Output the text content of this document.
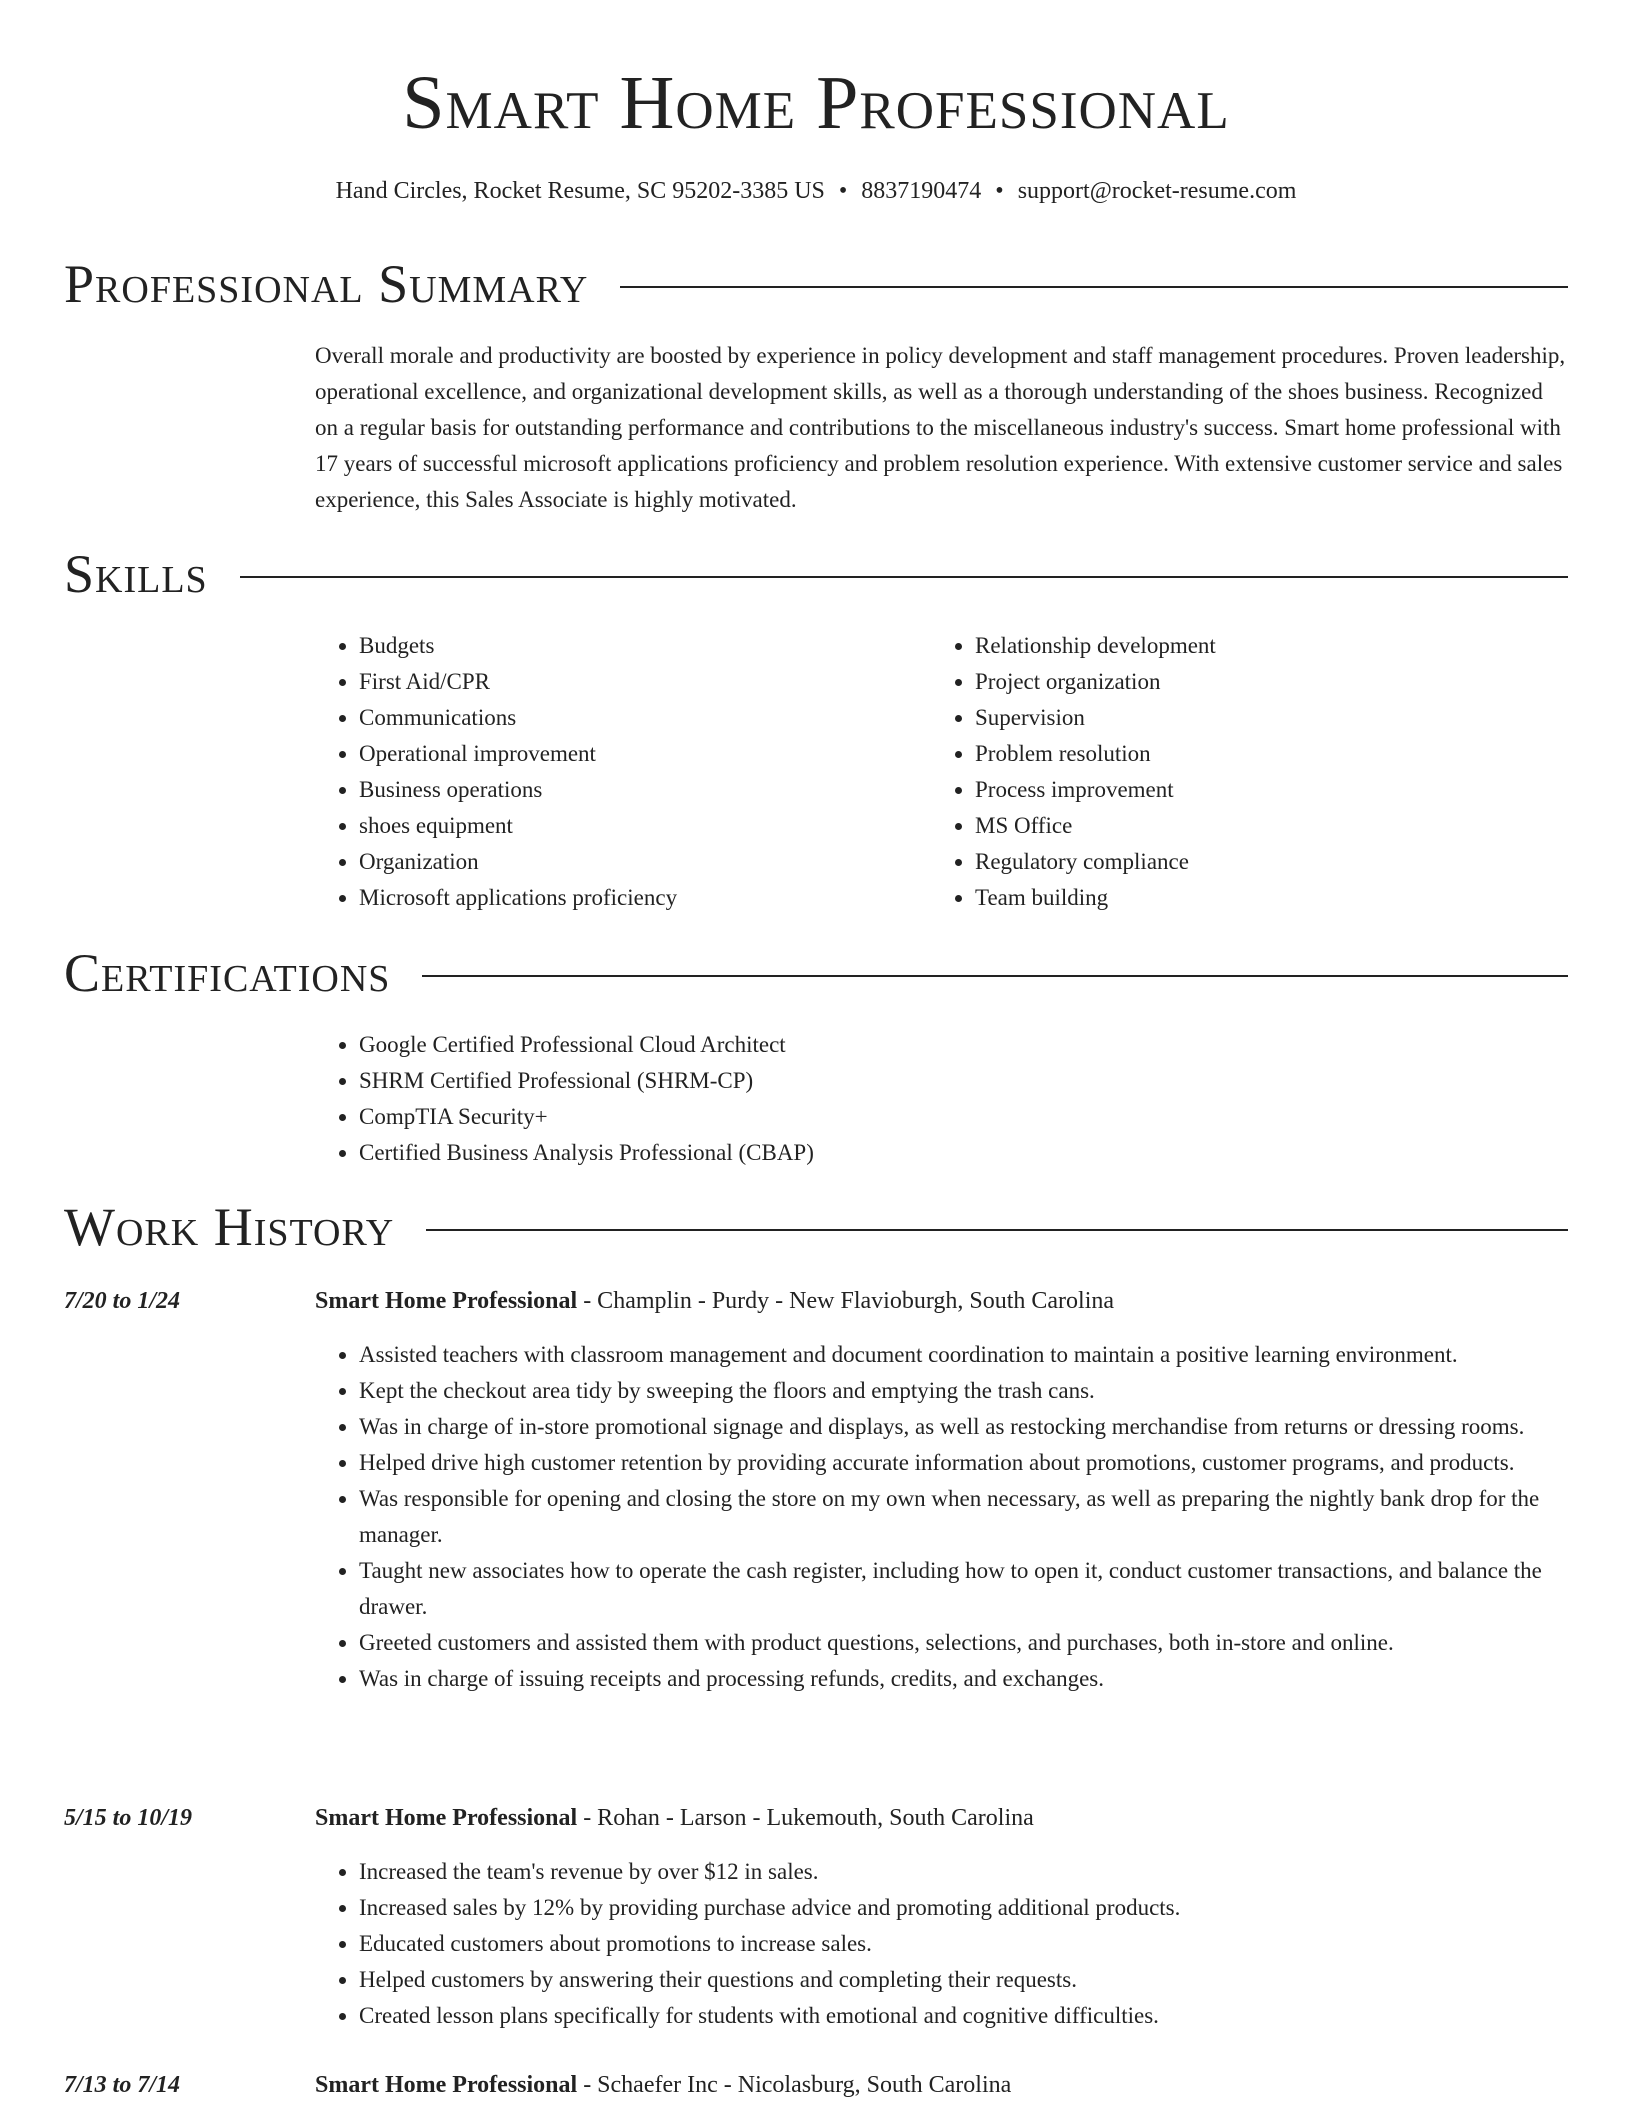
Smart Home Professional
Hand Circles, Rocket Resume, SC 95202-3385 US • 8837190474 • support@rocket-resume.com
Professional Summary

Overall morale and productivity are boosted by experience in policy development and staff management procedures. Proven leadership, operational excellence, and organizational development skills, as well as a thorough understanding of the shoes business. Recognized on a regular basis for outstanding performance and contributions to the miscellaneous industry's success. Smart home professional with 17 years of successful microsoft applications proficiency and problem resolution experience. With extensive customer service and sales experience, this Sales Associate is highly motivated.

Skills
• Budgets
• First Aid/CPR
• Communications
• Operational improvement
• Business operations
• shoes equipment
• Organization
• Microsoft applications proficiency
• Relationship development
• Project organization
• Supervision
• Problem resolution
• Process improvement
• MS Office
• Regulatory compliance
• Team building
Certifications
• Google Certified Professional Cloud Architect
• SHRM Certified Professional (SHRM-CP)
• CompTIA Security+
• Certified Business Analysis Professional (CBAP)
Work History
7/20 to 1/24	Smart Home Professional - Champlin - Purdy - New Flavioburgh, South Carolina
• Assisted teachers with classroom management and document coordination to maintain a positive learning environment.
• Kept the checkout area tidy by sweeping the floors and emptying the trash cans.
• Was in charge of in-store promotional signage and displays, as well as restocking merchandise from returns or dressing rooms.
• Helped drive high customer retention by providing accurate information about promotions, customer programs, and products.
• Was responsible for opening and closing the store on my own when necessary, as well as preparing the nightly bank drop for the manager.
• Taught new associates how to operate the cash register, including how to open it, conduct customer transactions, and balance the drawer.
• Greeted customers and assisted them with product questions, selections, and purchases, both in-store and online.
• Was in charge of issuing receipts and processing refunds, credits, and exchanges.
5/15 to 10/19	Smart Home Professional - Rohan - Larson - Lukemouth, South Carolina
• Increased the team's revenue by over $12 in sales.
• Increased sales by 12% by providing purchase advice and promoting additional products.
• Educated customers about promotions to increase sales.
• Helped customers by answering their questions and completing their requests.
• Created lesson plans specifically for students with emotional and cognitive difficulties.
7/13 to 7/14	Smart Home Professional - Schaefer Inc - Nicolasburg, South Carolina
